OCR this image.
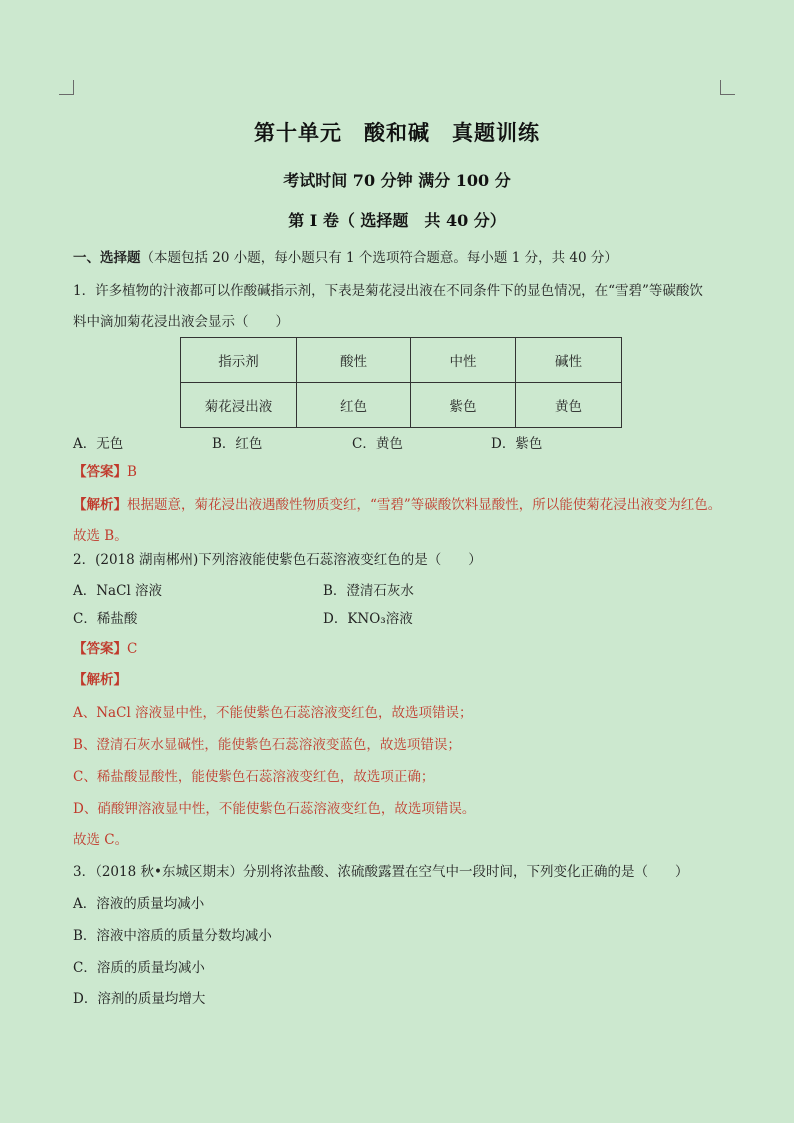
第十单元　酸和碱　真题训练
考试时间 70 分钟 满分 100 分
第 I 卷（ 选择题　共 40 分）
一、选择题（本题包括 20 小题，每小题只有 1 个选项符合题意。每小题 1 分，共 40 分）
1．许多植物的汁液都可以作酸碱指示剂，下表是菊花浸出液在不同条件下的显色情况，在“雪碧”等碳酸饮
料中滴加菊花浸出液会显示（　　）
指示剂	酸性	中性	碱性
菊花浸出液	红色	紫色	黄色
A．无色	B．红色	C．黄色	D．紫色
【答案】B
【解析】根据题意，菊花浸出液遇酸性物质变红，“雪碧”等碳酸饮料显酸性，所以能使菊花浸出液变为红色。
故选 B。
2．(2018 湖南郴州)下列溶液能使紫色石蕊溶液变红色的是（　　）
A．NaCl 溶液	B．澄清石灰水
C．稀盐酸	D．KNO₃溶液
【答案】C
【解析】
A、NaCl 溶液显中性，不能使紫色石蕊溶液变红色，故选项错误；
B、澄清石灰水显碱性，能使紫色石蕊溶液变蓝色，故选项错误；
C、稀盐酸显酸性，能使紫色石蕊溶液变红色，故选项正确；
D、硝酸钾溶液显中性，不能使紫色石蕊溶液变红色，故选项错误。
故选 C。
3．（2018 秋•东城区期末）分别将浓盐酸、浓硫酸露置在空气中一段时间，下列变化正确的是（　　）
A．溶液的质量均减小
B．溶液中溶质的质量分数均减小
C．溶质的质量均减小
D．溶剂的质量均增大
